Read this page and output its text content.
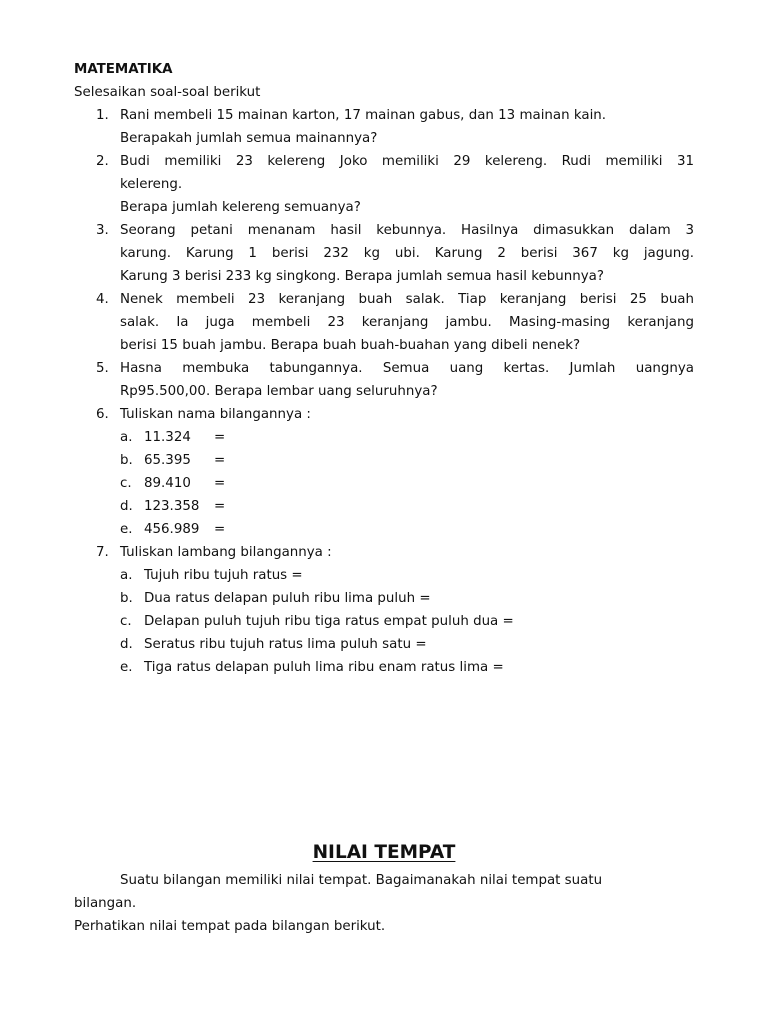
MATEMATIKA
Selesaikan soal-soal berikut
1. Rani membeli 15 mainan karton, 17 mainan gabus, dan 13 mainan kain.
Berapakah jumlah semua mainannya?
2. Budi memiliki 23 kelereng Joko memiliki 29 kelereng. Rudi memiliki 31
kelereng.
Berapa jumlah kelereng semuanya?
3. Seorang petani menanam hasil kebunnya. Hasilnya dimasukkan dalam 3
karung. Karung 1 berisi 232 kg ubi. Karung 2 berisi 367 kg jagung.
Karung 3 berisi 233 kg singkong. Berapa jumlah semua hasil kebunnya?
4. Nenek membeli 23 keranjang buah salak. Tiap keranjang berisi 25 buah
salak. Ia juga membeli 23 keranjang jambu. Masing-masing keranjang
berisi 15 buah jambu. Berapa buah buah-buahan yang dibeli nenek?
5. Hasna membuka tabungannya. Semua uang kertas. Jumlah uangnya
Rp95.500,00. Berapa lembar uang seluruhnya?
6. Tuliskan nama bilangannya :
a. 11.324 =
b. 65.395 =
c. 89.410 =
d. 123.358 =
e. 456.989 =
7. Tuliskan lambang bilangannya :
a. Tujuh ribu tujuh ratus =
b. Dua ratus delapan puluh ribu lima puluh =
c. Delapan puluh tujuh ribu tiga ratus empat puluh dua =
d. Seratus ribu tujuh ratus lima puluh satu =
e. Tiga ratus delapan puluh lima ribu enam ratus lima =
NILAI TEMPAT
Suatu bilangan memiliki nilai tempat. Bagaimanakah nilai tempat suatu
bilangan.
Perhatikan nilai tempat pada bilangan berikut.
